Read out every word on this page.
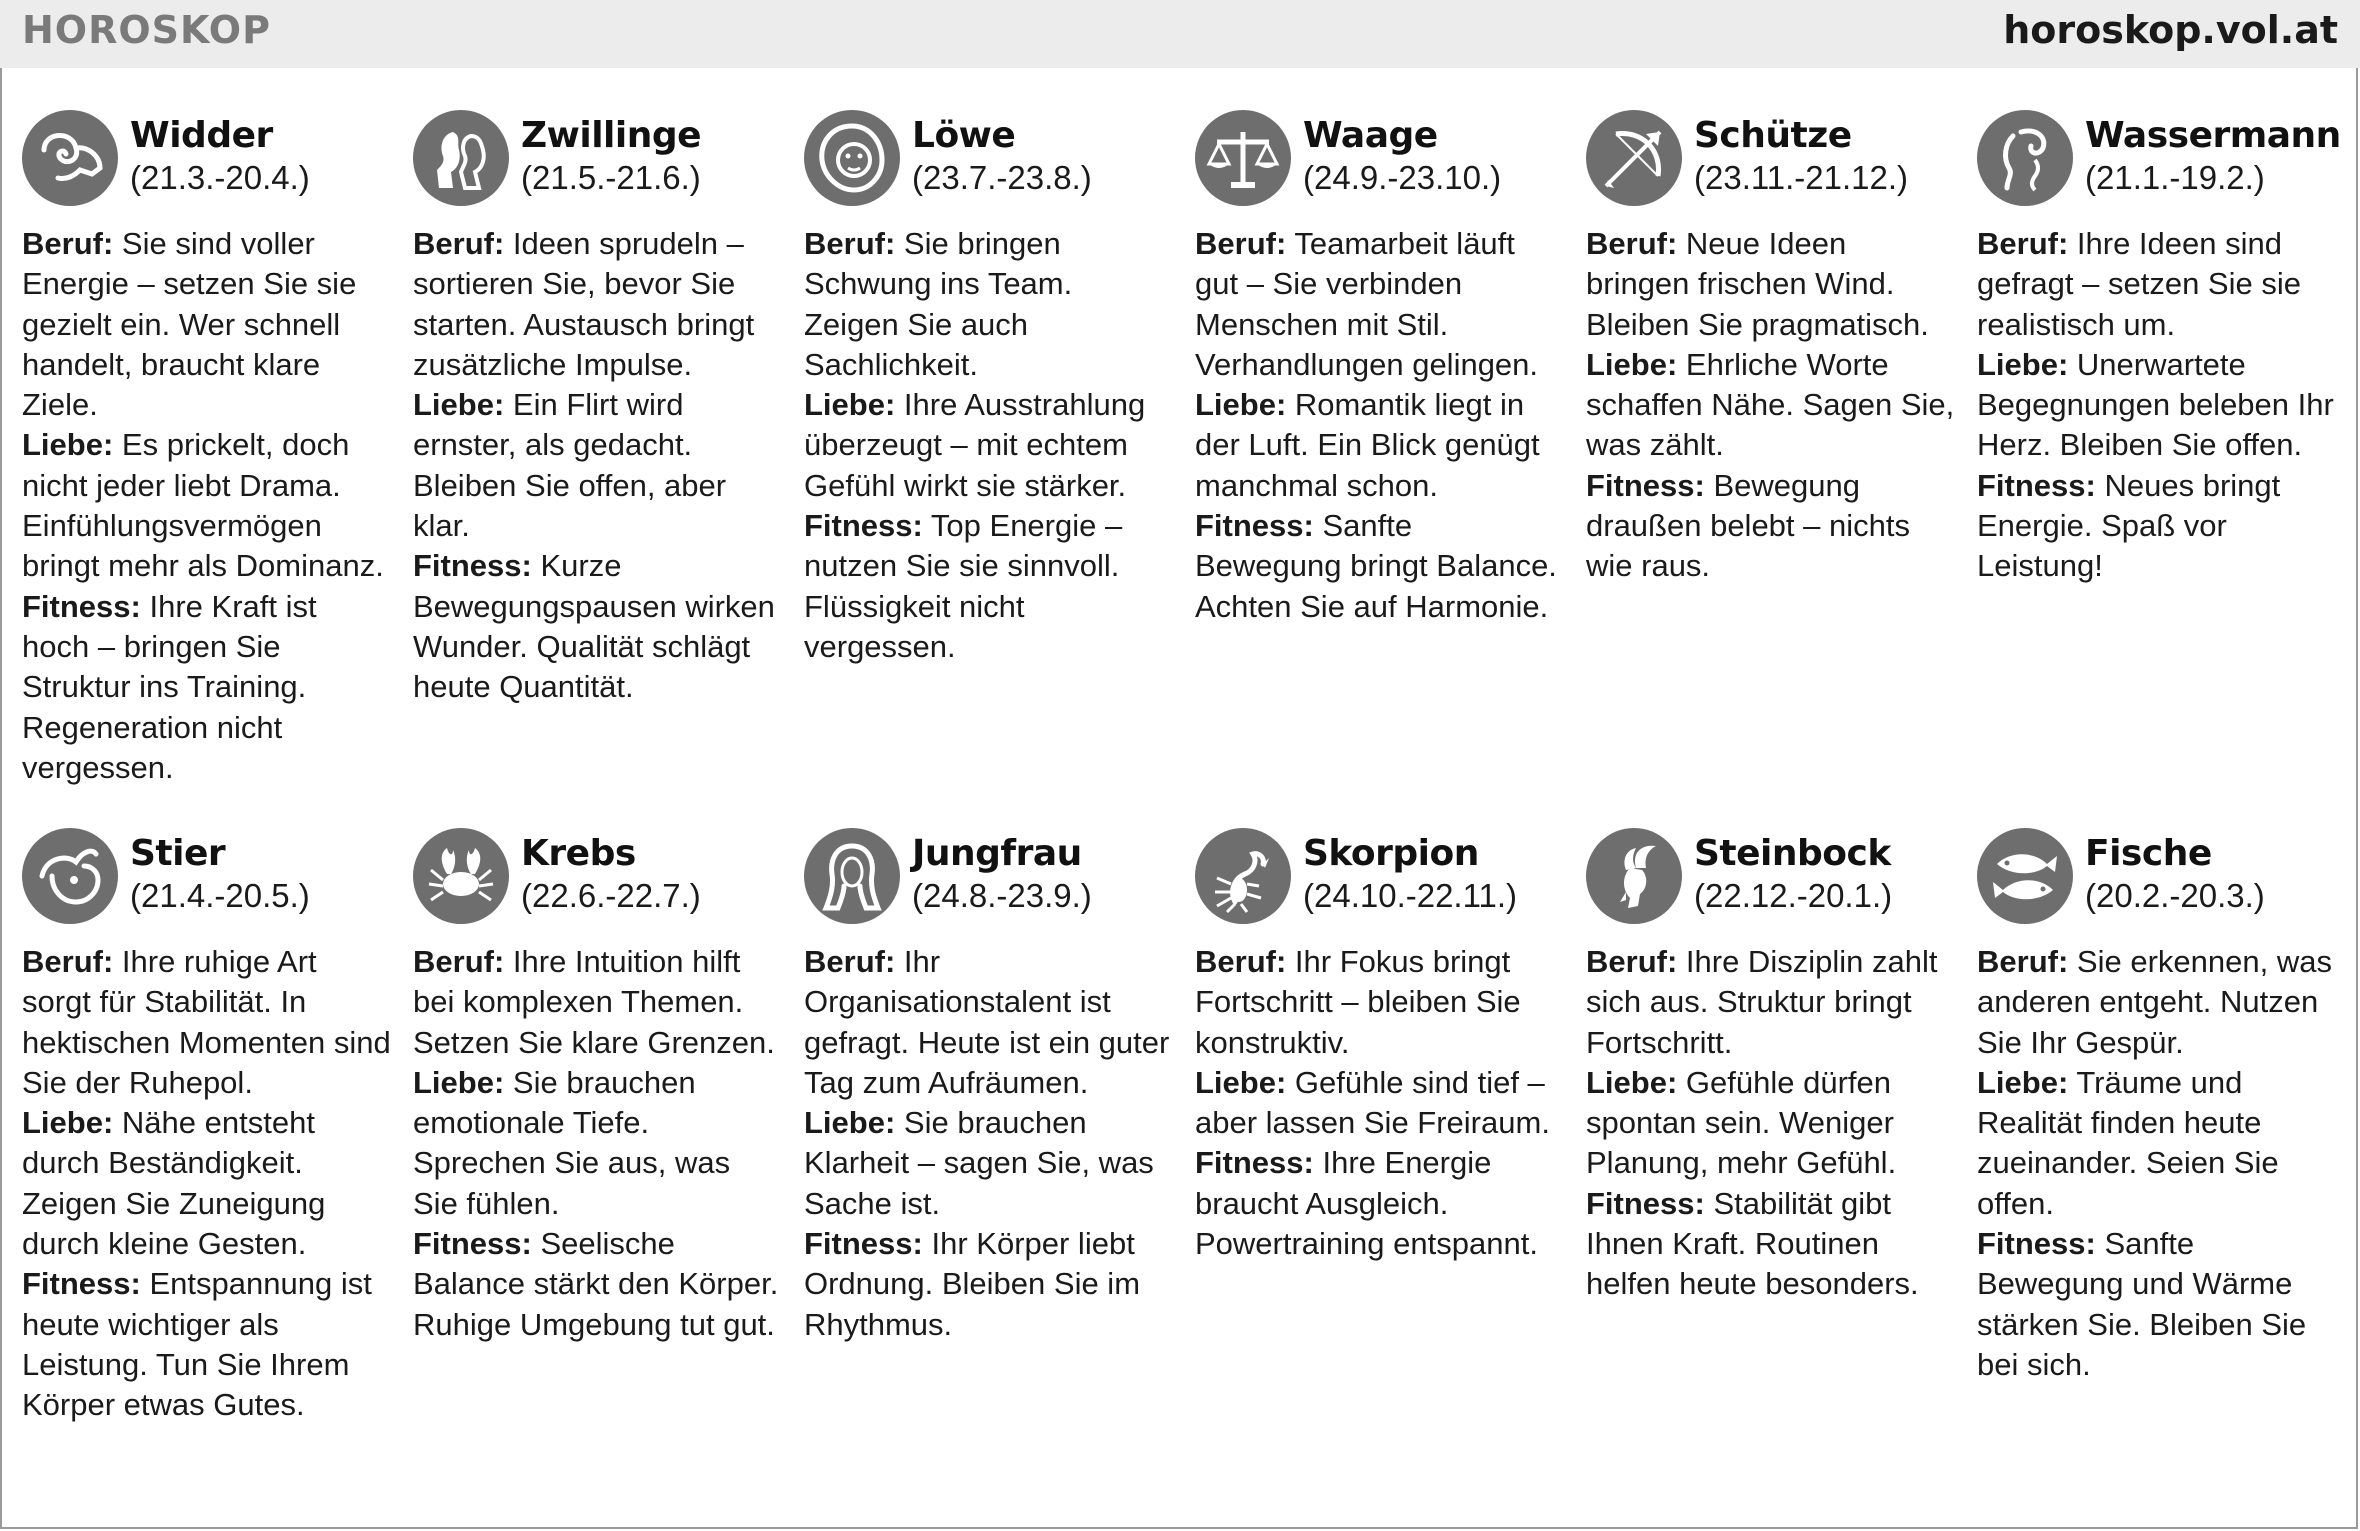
HOROSKOP	horoskop.vol.at
Widder
(21.3.-20.4.)

Beruf: Sie sind voller Energie – setzen Sie sie gezielt ein. Wer schnell handelt, braucht klare Ziele.

Liebe: Es prickelt, doch nicht jeder liebt Drama. Einfühlungsvermögen bringt mehr als Dominanz.

Fitness: Ihre Kraft ist hoch – bringen Sie Struktur ins Training. Regeneration nicht vergessen.

Zwillinge
(21.5.-21.6.)

Beruf: Ideen sprudeln – sortieren Sie, bevor Sie starten. Austausch bringt zusätzliche Impulse.

Liebe: Ein Flirt wird ernster, als gedacht. Bleiben Sie offen, aber klar.

Fitness: Kurze Bewegungspausen wirken Wunder. Qualität schlägt heute Quantität.

Löwe
(23.7.-23.8.)

Beruf: Sie bringen Schwung ins Team. Zeigen Sie auch Sachlichkeit.

Liebe: Ihre Ausstrahlung überzeugt – mit echtem Gefühl wirkt sie stärker.

Fitness: Top Energie – nutzen Sie sie sinnvoll. Flüssigkeit nicht vergessen.

Waage
(24.9.-23.10.)

Beruf: Teamarbeit läuft gut – Sie verbinden Menschen mit Stil. Verhandlungen gelingen.

Liebe: Romantik liegt in der Luft. Ein Blick genügt manchmal schon.

Fitness: Sanfte Bewegung bringt Balance. Achten Sie auf Harmonie.

Schütze
(23.11.-21.12.)

Beruf: Neue Ideen bringen frischen Wind. Bleiben Sie pragmatisch.

Liebe: Ehrliche Worte schaffen Nähe. Sagen Sie, was zählt.

Fitness: Bewegung draußen belebt – nichts wie raus.

Wassermann
(21.1.-19.2.)

Beruf: Ihre Ideen sind gefragt – setzen Sie sie realistisch um.

Liebe: Unerwartete Begegnungen beleben Ihr Herz. Bleiben Sie offen.

Fitness: Neues bringt Energie. Spaß vor Leistung!

Stier
(21.4.-20.5.)

Beruf: Ihre ruhige Art sorgt für Stabilität. In hektischen Momenten sind Sie der Ruhepol.

Liebe: Nähe entsteht durch Beständigkeit. Zeigen Sie Zuneigung durch kleine Gesten.

Fitness: Entspannung ist heute wichtiger als Leistung. Tun Sie Ihrem Körper etwas Gutes.

Krebs
(22.6.-22.7.)

Beruf: Ihre Intuition hilft bei komplexen Themen. Setzen Sie klare Grenzen.

Liebe: Sie brauchen emotionale Tiefe. Sprechen Sie aus, was Sie fühlen.

Fitness: Seelische Balance stärkt den Körper. Ruhige Umgebung tut gut.

Jungfrau
(24.8.-23.9.)

Beruf: Ihr Organisationstalent ist gefragt. Heute ist ein guter Tag zum Aufräumen.

Liebe: Sie brauchen Klarheit – sagen Sie, was Sache ist.

Fitness: Ihr Körper liebt Ordnung. Bleiben Sie im Rhythmus.

Skorpion
(24.10.-22.11.)

Beruf: Ihr Fokus bringt Fortschritt – bleiben Sie konstruktiv.

Liebe: Gefühle sind tief – aber lassen Sie Freiraum.

Fitness: Ihre Energie braucht Ausgleich. Powertraining entspannt.

Steinbock
(22.12.-20.1.)

Beruf: Ihre Disziplin zahlt sich aus. Struktur bringt Fortschritt.

Liebe: Gefühle dürfen spontan sein. Weniger Planung, mehr Gefühl.

Fitness: Stabilität gibt Ihnen Kraft. Routinen helfen heute besonders.

Fische
(20.2.-20.3.)

Beruf: Sie erkennen, was anderen entgeht. Nutzen Sie Ihr Gespür.

Liebe: Träume und Realität finden heute zueinander. Seien Sie offen.

Fitness: Sanfte Bewegung und Wärme stärken Sie. Bleiben Sie bei sich.
